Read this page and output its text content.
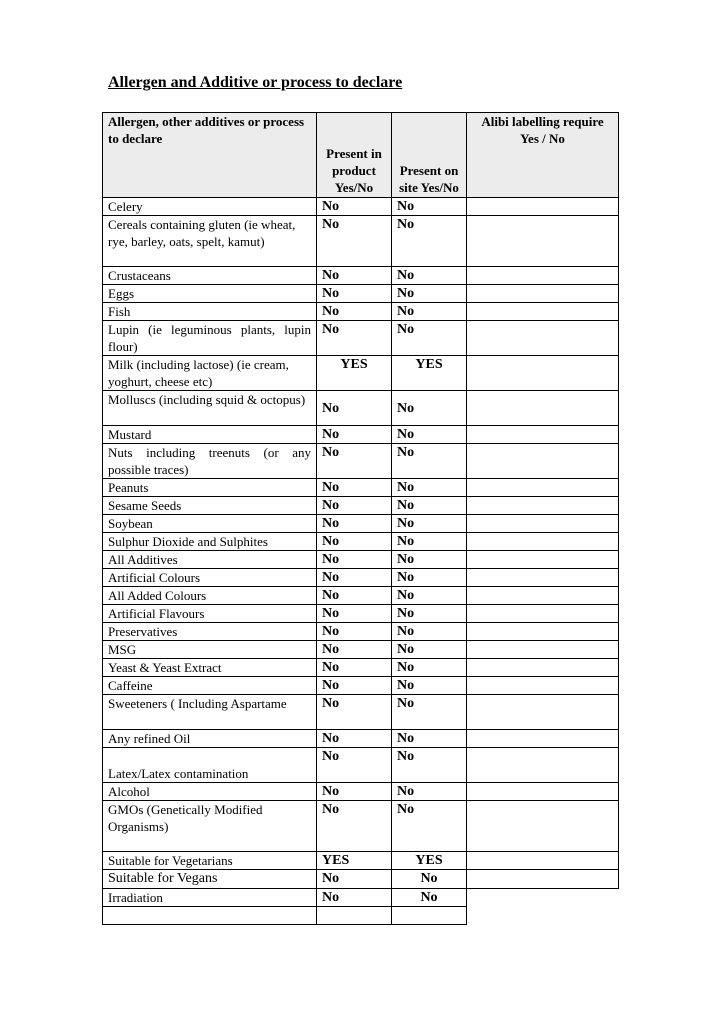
Allergen and Additive or process to declare
Allergen, other additives or process to declare	Present in product Yes/No	Present on site Yes/No	Alibi labelling require Yes / No
Celery	No	No	
Cereals containing gluten (ie wheat, rye, barley, oats, spelt, kamut)	No	No	
Crustaceans	No	No	
Eggs	No	No	
Fish	No	No	
Lupin (ie leguminous plants, lupin flour)	No	No	
Milk (including lactose) (ie cream, yoghurt, cheese etc)	YES	YES	
Molluscs (including squid & octopus)	No	No	
Mustard	No	No	
Nuts including treenuts (or any possible traces)	No	No	
Peanuts	No	No	
Sesame Seeds	No	No	
Soybean	No	No	
Sulphur Dioxide and Sulphites	No	No	
All Additives	No	No	
Artificial Colours	No	No	
All Added Colours	No	No	
Artificial Flavours	No	No	
Preservatives	No	No	
MSG	No	No	
Yeast & Yeast Extract	No	No	
Caffeine	No	No	
Sweeteners ( Including Aspartame	No	No	
Any refined Oil	No	No	
Latex/Latex contamination	No	No	
Alcohol	No	No	
GMOs (Genetically Modified Organisms)	No	No	
Suitable for Vegetarians	YES	YES	
Suitable for Vegans	No	No	
Irradiation	No	No	
